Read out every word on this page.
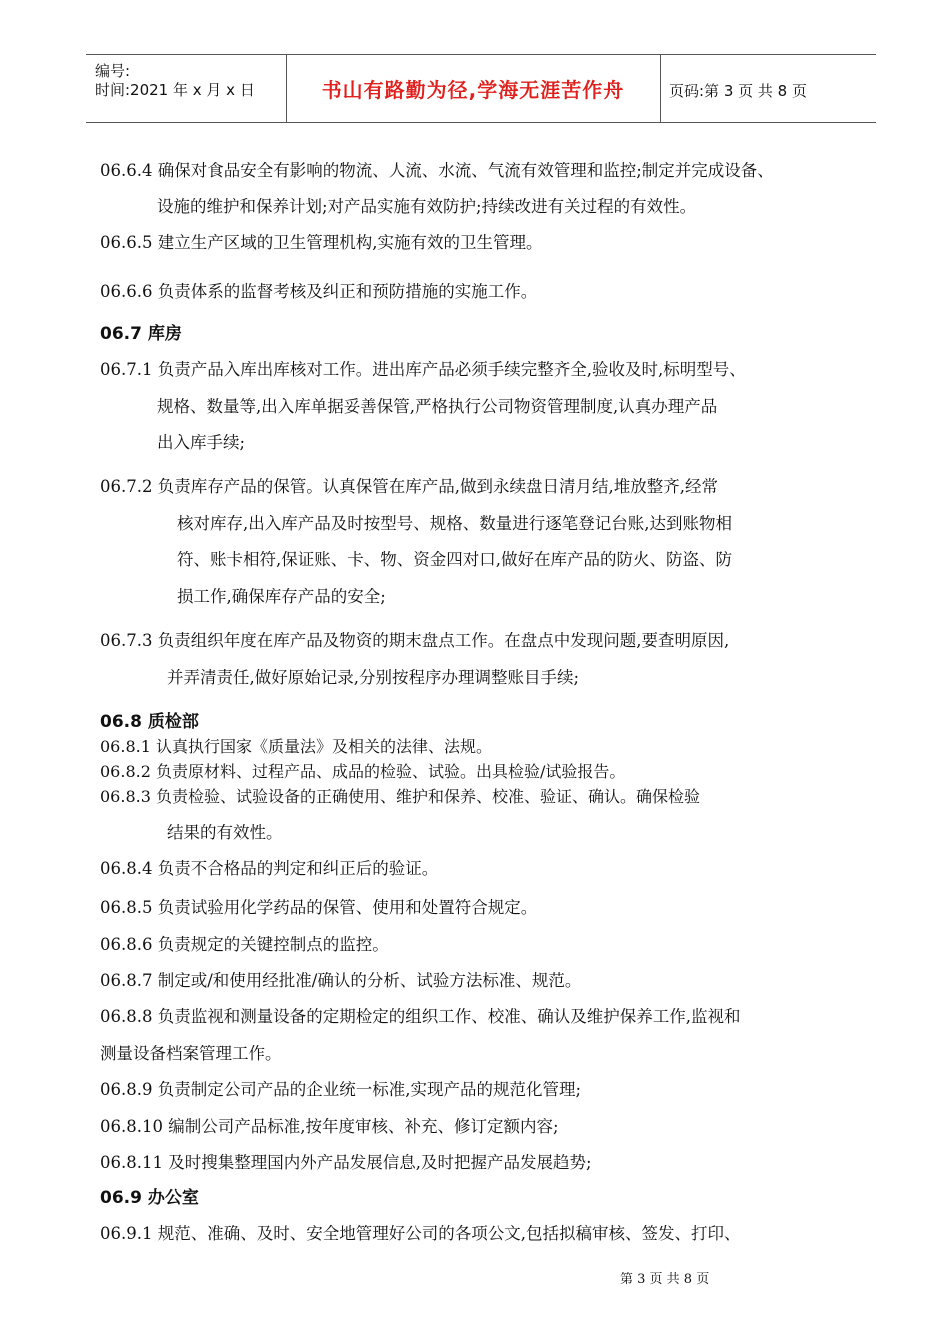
编号:
时间:2021 年 x 月 x 日	书山有路勤为径,学海无涯苦作舟	页码:第 3 页 共 8 页
06.6.4 确保对食品安全有影响的物流、人流、水流、气流有效管理和监控;制定并完成设备、
设施的维护和保养计划;对产品实施有效防护;持续改进有关过程的有效性。
06.6.5 建立生产区域的卫生管理机构,实施有效的卫生管理。
06.6.6 负责体系的监督考核及纠正和预防措施的实施工作。
06.7 库房
06.7.1 负责产品入库出库核对工作。进出库产品必须手续完整齐全,验收及时,标明型号、
规格、数量等,出入库单据妥善保管,严格执行公司物资管理制度,认真办理产品
出入库手续;
06.7.2 负责库存产品的保管。认真保管在库产品,做到永续盘日清月结,堆放整齐,经常
核对库存,出入库产品及时按型号、规格、数量进行逐笔登记台账,达到账物相
符、账卡相符,保证账、卡、物、资金四对口,做好在库产品的防火、防盗、防
损工作,确保库存产品的安全;
06.7.3 负责组织年度在库产品及物资的期末盘点工作。在盘点中发现问题,要查明原因,
并弄清责任,做好原始记录,分别按程序办理调整账目手续;
06.8 质检部
06.8.1 认真执行国家《质量法》及相关的法律、法规。
06.8.2 负责原材料、过程产品、成品的检验、试验。出具检验/试验报告。
06.8.3 负责检验、试验设备的正确使用、维护和保养、校准、验证、确认。确保检验
结果的有效性。
06.8.4 负责不合格品的判定和纠正后的验证。
06.8.5 负责试验用化学药品的保管、使用和处置符合规定。
06.8.6 负责规定的关键控制点的监控。
06.8.7 制定或/和使用经批准/确认的分析、试验方法标准、规范。
06.8.8 负责监视和测量设备的定期检定的组织工作、校准、确认及维护保养工作,监视和
测量设备档案管理工作。
06.8.9 负责制定公司产品的企业统一标准,实现产品的规范化管理;
06.8.10 编制公司产品标准,按年度审核、补充、修订定额内容;
06.8.11 及时搜集整理国内外产品发展信息,及时把握产品发展趋势;
06.9 办公室
06.9.1 规范、准确、及时、安全地管理好公司的各项公文,包括拟稿审核、签发、打印、
第 3 页 共 8 页
